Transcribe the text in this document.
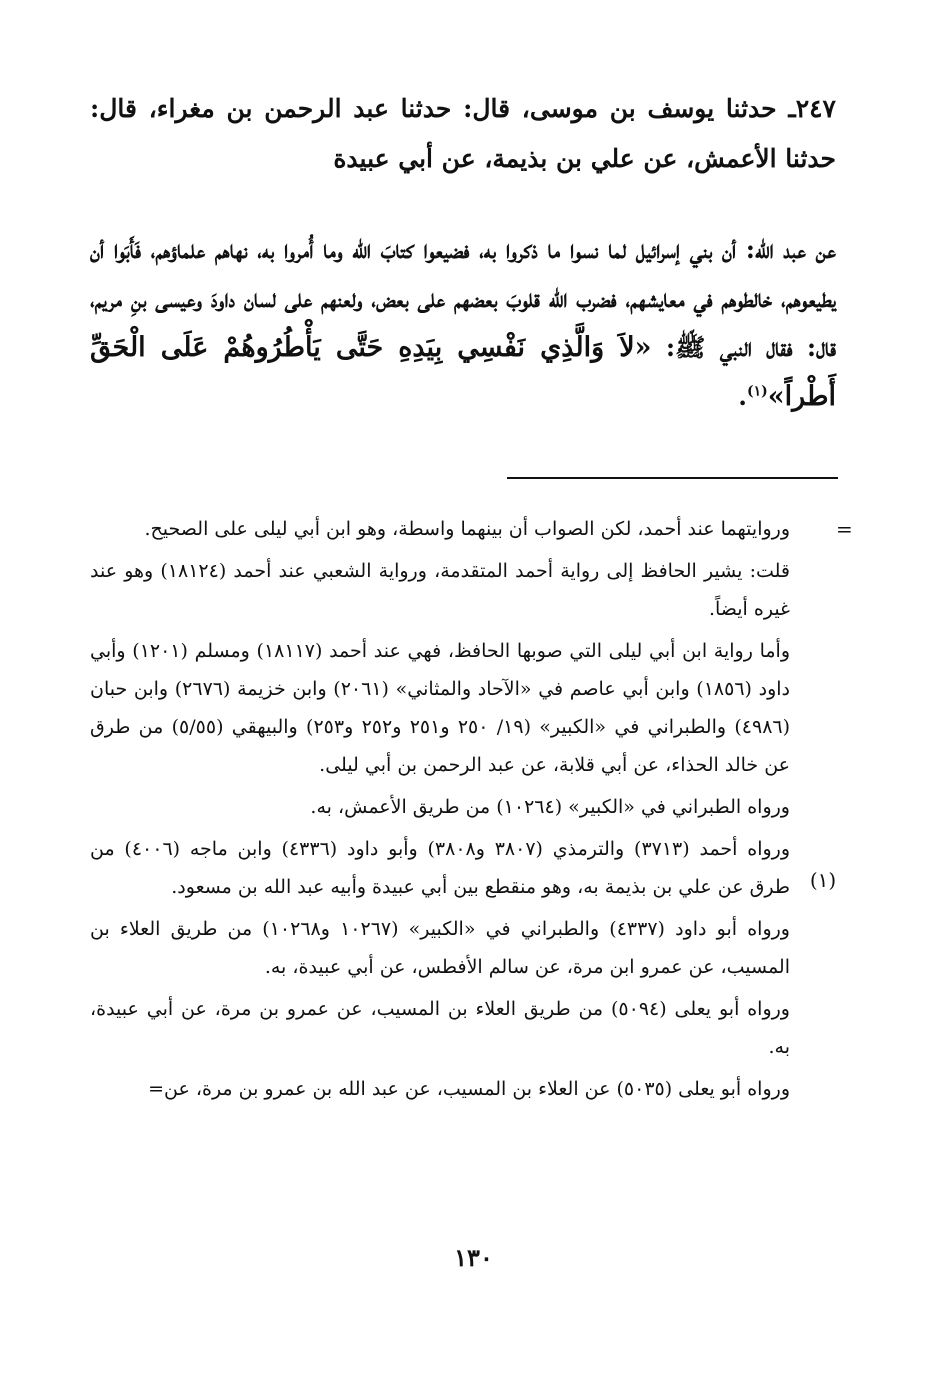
٢٤٧ـ حدثنا يوسف بن موسى، قال: حدثنا عبد الرحمن بن مغراء، قال: حدثنا الأعمش، عن علي بن بذيمة، عن أبي عبيدة
عن عبد الله: أن بني إسرائيل لما نسوا ما ذكروا به، فضيعوا كتابَ الله وما أُمروا به، نهاهم علماؤهم، فَأَبَوا أن يطيعوهم، خالطوهم في معايشهم، فضرب الله قلوبَ بعضهم على بعض، ولعنهم على لسان داودَ وعيسى بنِ مريم، قال: فقال النبي ﷺ: «لاَ وَالَّذِي نَفْسِي بِيَدِهِ حَتَّى يَأْطُرُوهُمْ عَلَى الْحَقِّ أَطْراً»$^{(١)}$.
=
(١)

وروايتهما عند أحمد، لكن الصواب أن بينهما واسطة، وهو ابن أبي ليلى على الصحيح.

قلت: يشير الحافظ إلى رواية أحمد المتقدمة، ورواية الشعبي عند أحمد (١٨١٢٤) وهو عند غيره أيضاً.

وأما رواية ابن أبي ليلى التي صوبها الحافظ، فهي عند أحمد (١٨١١٧) ومسلم (١٢٠١) وأبي داود (١٨٥٦) وابن أبي عاصم في «الآحاد والمثاني» (٢٠٦١) وابن خزيمة (٢٦٧٦) وابن حبان (٤٩٨٦) والطبراني في «الكبير» (١٩/ ٢٥٠ و٢٥١ و٢٥٢ و٢٥٣) والبيهقي (٥/٥٥) من طرق عن خالد الحذاء، عن أبي قلابة، عن عبد الرحمن بن أبي ليلى.

ورواه الطبراني في «الكبير» (١٠٢٦٤) من طريق الأعمش، به.

ورواه أحمد (٣٧١٣) والترمذي (٣٨٠٧ و٣٨٠٨) وأبو داود (٤٣٣٦) وابن ماجه (٤٠٠٦) من طرق عن علي بن بذيمة به، وهو منقطع بين أبي عبيدة وأبيه عبد الله بن مسعود.

ورواه أبو داود (٤٣٣٧) والطبراني في «الكبير» (١٠٢٦٧ و١٠٢٦٨) من طريق العلاء بن المسيب، عن عمرو ابن مرة، عن سالم الأفطس، عن أبي عبيدة، به.

ورواه أبو يعلى (٥٠٩٤) من طريق العلاء بن المسيب، عن عمرو بن مرة، عن أبي عبيدة، به.

ورواه أبو يعلى (٥٠٣٥) عن العلاء بن المسيب، عن عبد الله بن عمرو بن مرة، عن=

١٣٠
